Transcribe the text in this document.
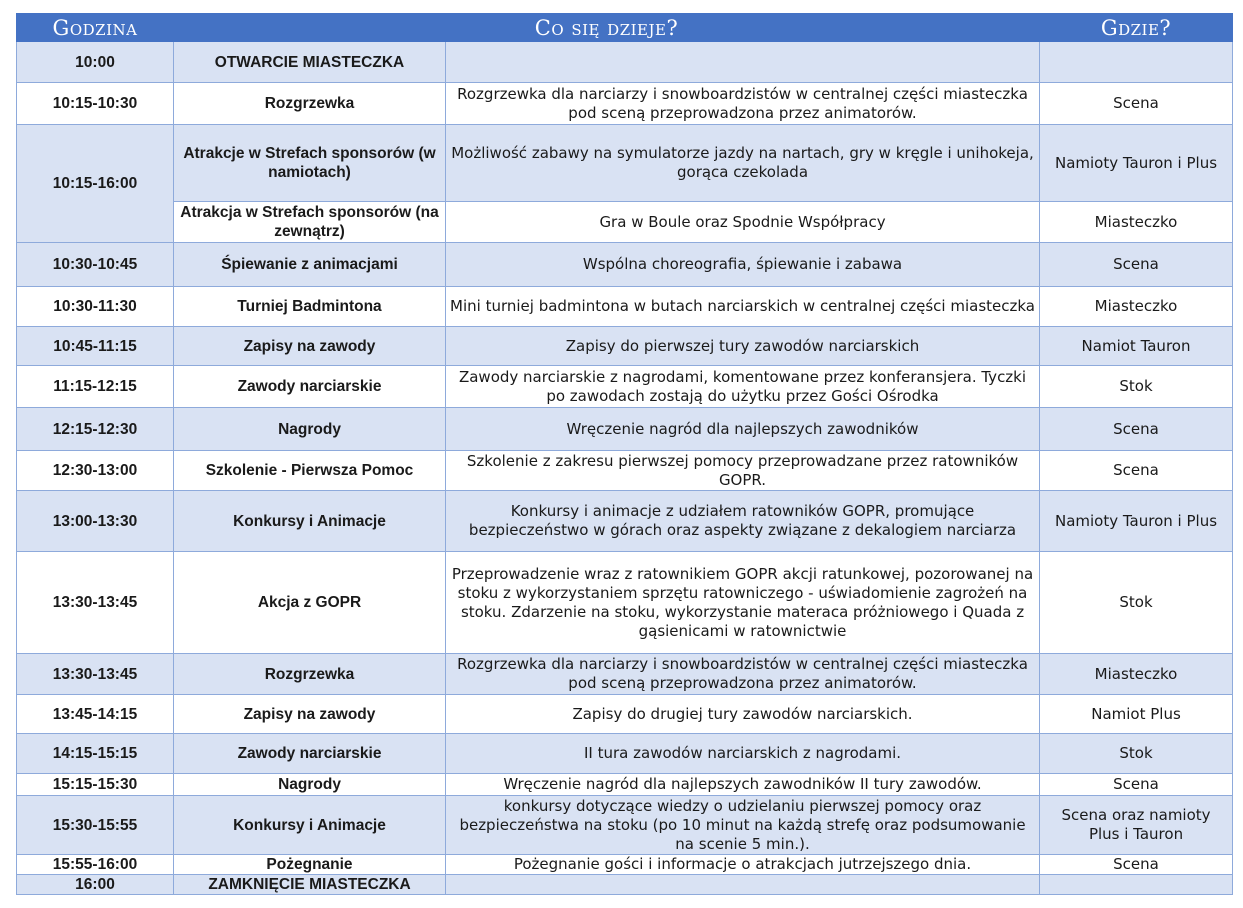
Godzina	Co się dzieje?		Gdzie?
10:00	OTWARCIE MIASTECZKA		
10:15-10:30	Rozgrzewka	Rozgrzewka dla narciarzy i snowboardzistów w centralnej części miasteczka pod sceną przeprowadzona przez animatorów.	Scena
10:15-16:00	Atrakcje w Strefach sponsorów (w namiotach)	Możliwość zabawy na symulatorze jazdy na nartach, gry w kręgle i unihokeja, gorąca czekolada	Namioty Tauron i Plus
	Atrakcja w Strefach sponsorów (na zewnątrz)	Gra w Boule oraz Spodnie Współpracy	Miasteczko
10:30-10:45	Śpiewanie z animacjami	Wspólna choreografia, śpiewanie i zabawa	Scena
10:30-11:30	Turniej Badmintona	Mini turniej badmintona w butach narciarskich w centralnej części miasteczka	Miasteczko
10:45-11:15	Zapisy na zawody	Zapisy do pierwszej tury zawodów narciarskich	Namiot Tauron
11:15-12:15	Zawody narciarskie	Zawody narciarskie z nagrodami, komentowane przez konferansjera. Tyczki po zawodach zostają do użytku przez Gości Ośrodka	Stok
12:15-12:30	Nagrody	Wręczenie nagród dla najlepszych zawodników	Scena
12:30-13:00	Szkolenie - Pierwsza Pomoc	Szkolenie z zakresu pierwszej pomocy przeprowadzane przez ratowników GOPR.	Scena
13:00-13:30	Konkursy i Animacje	Konkursy i animacje z udziałem ratowników GOPR, promujące bezpieczeństwo w górach oraz aspekty związane z dekalogiem narciarza	Namioty Tauron i Plus
13:30-13:45	Akcja z GOPR	Przeprowadzenie wraz z ratownikiem GOPR akcji ratunkowej, pozorowanej na stoku z wykorzystaniem sprzętu ratowniczego - uświadomienie zagrożeń na stoku. Zdarzenie na stoku, wykorzystanie materaca próżniowego i Quada z gąsienicami w ratownictwie	Stok
13:30-13:45	Rozgrzewka	Rozgrzewka dla narciarzy i snowboardzistów w centralnej części miasteczka pod sceną przeprowadzona przez animatorów.	Miasteczko
13:45-14:15	Zapisy na zawody	Zapisy do drugiej tury zawodów narciarskich.	Namiot Plus
14:15-15:15	Zawody narciarskie	II tura zawodów narciarskich z nagrodami.	Stok
15:15-15:30	Nagrody	Wręczenie nagród dla najlepszych zawodników II tury zawodów.	Scena
15:30-15:55	Konkursy i Animacje	konkursy dotyczące wiedzy o udzielaniu pierwszej pomocy oraz bezpieczeństwa na stoku (po 10 minut na każdą strefę oraz podsumowanie na scenie 5 min.).	Scena oraz namioty Plus i Tauron
15:55-16:00	Pożegnanie	Pożegnanie gości i informacje o atrakcjach jutrzejszego dnia.	Scena
16:00	ZAMKNIĘCIE MIASTECZKA		
